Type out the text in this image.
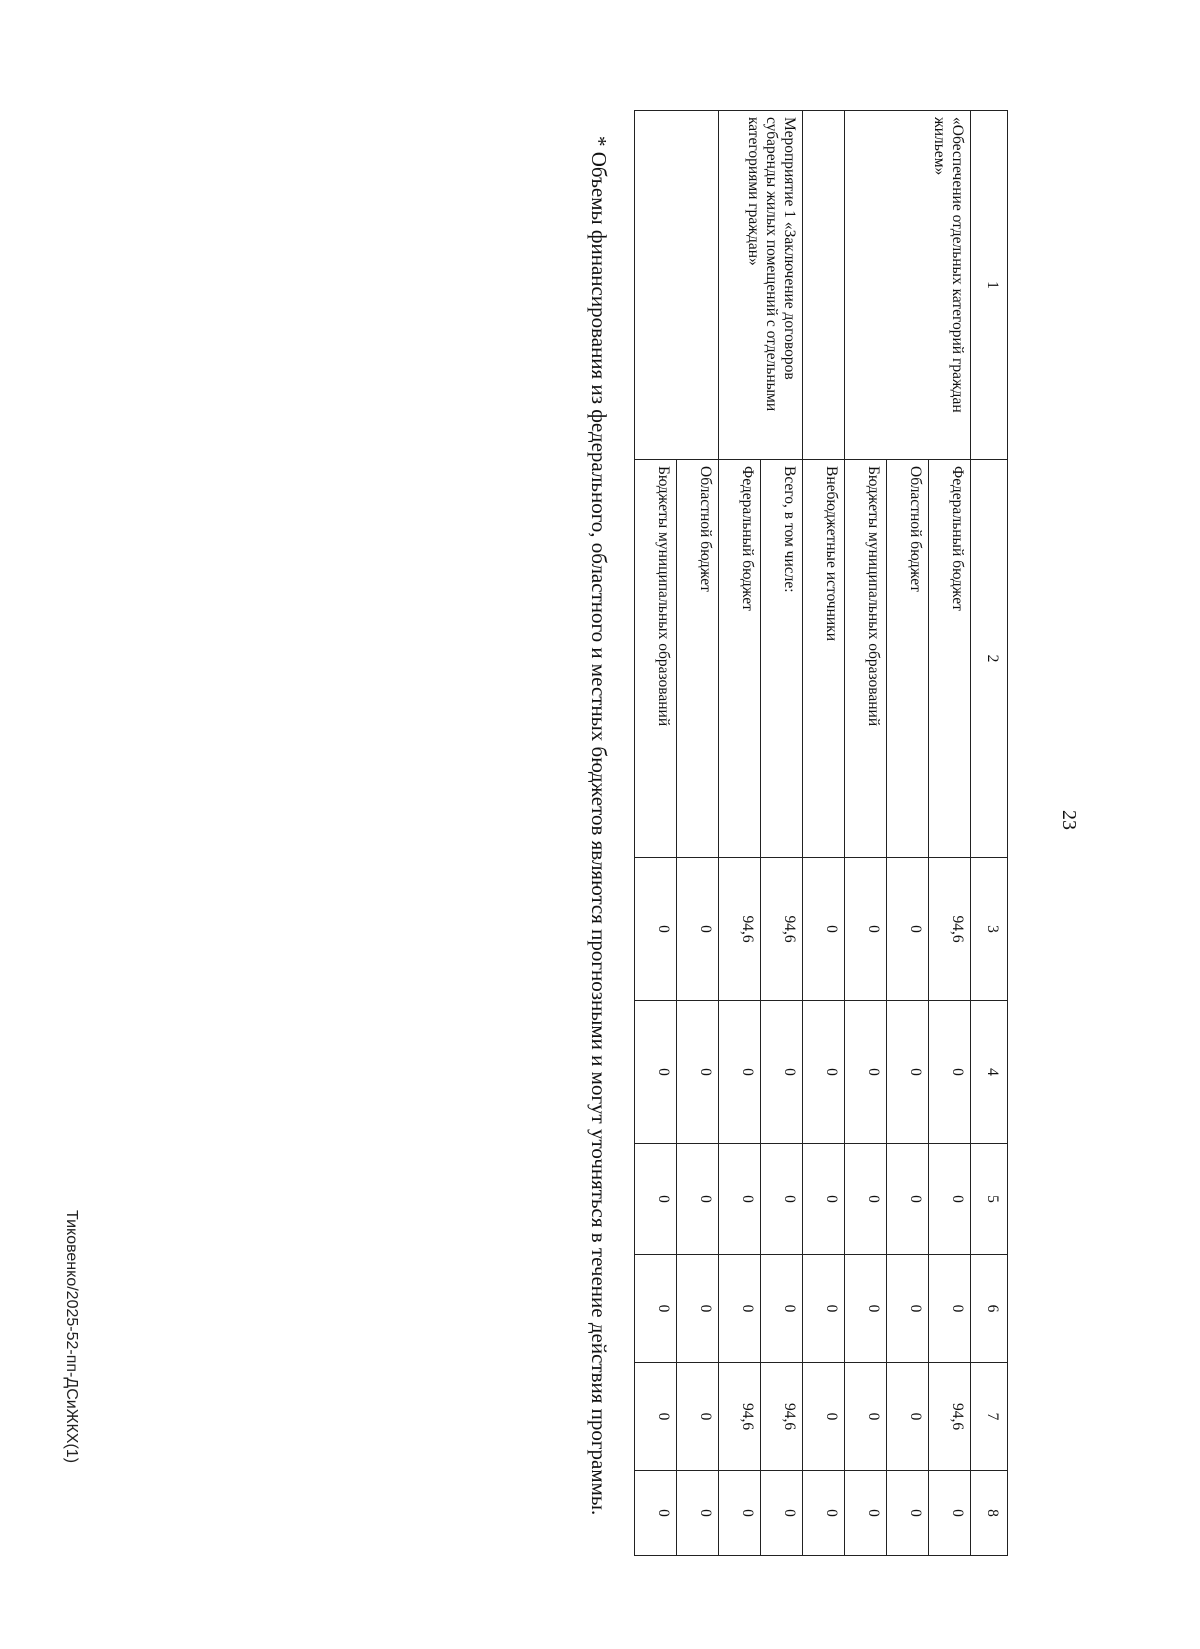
23
1	2	3	4	5	6	7	8
«Обеспечение отдельных категорий граждан жильем»	Федеральный бюджет	94,6	0	0	0	94,6	0
	Областной бюджет	0	0	0	0	0	0
	Бюджеты муниципальных образований	0	0	0	0	0	0
	Внебюджетные источники	0	0	0	0	0	0
Мероприятие 1 «Заключение договоров субаренды жилых помещений с отдельными категориями граждан»	Всего, в том числе:	94,6	0	0	0	94,6	0
	Федеральный бюджет	94,6	0	0	0	94,6	0
	Областной бюджет	0	0	0	0	0	0
	Бюджеты муниципальных образований	0	0	0	0	0	0
* Объемы финансирования из федерального, областного и местных бюджетов являются прогнозными и могут уточняться в течение действия программы.
Тиковенко/2025-52-пп-ДСиЖКХ(1)
